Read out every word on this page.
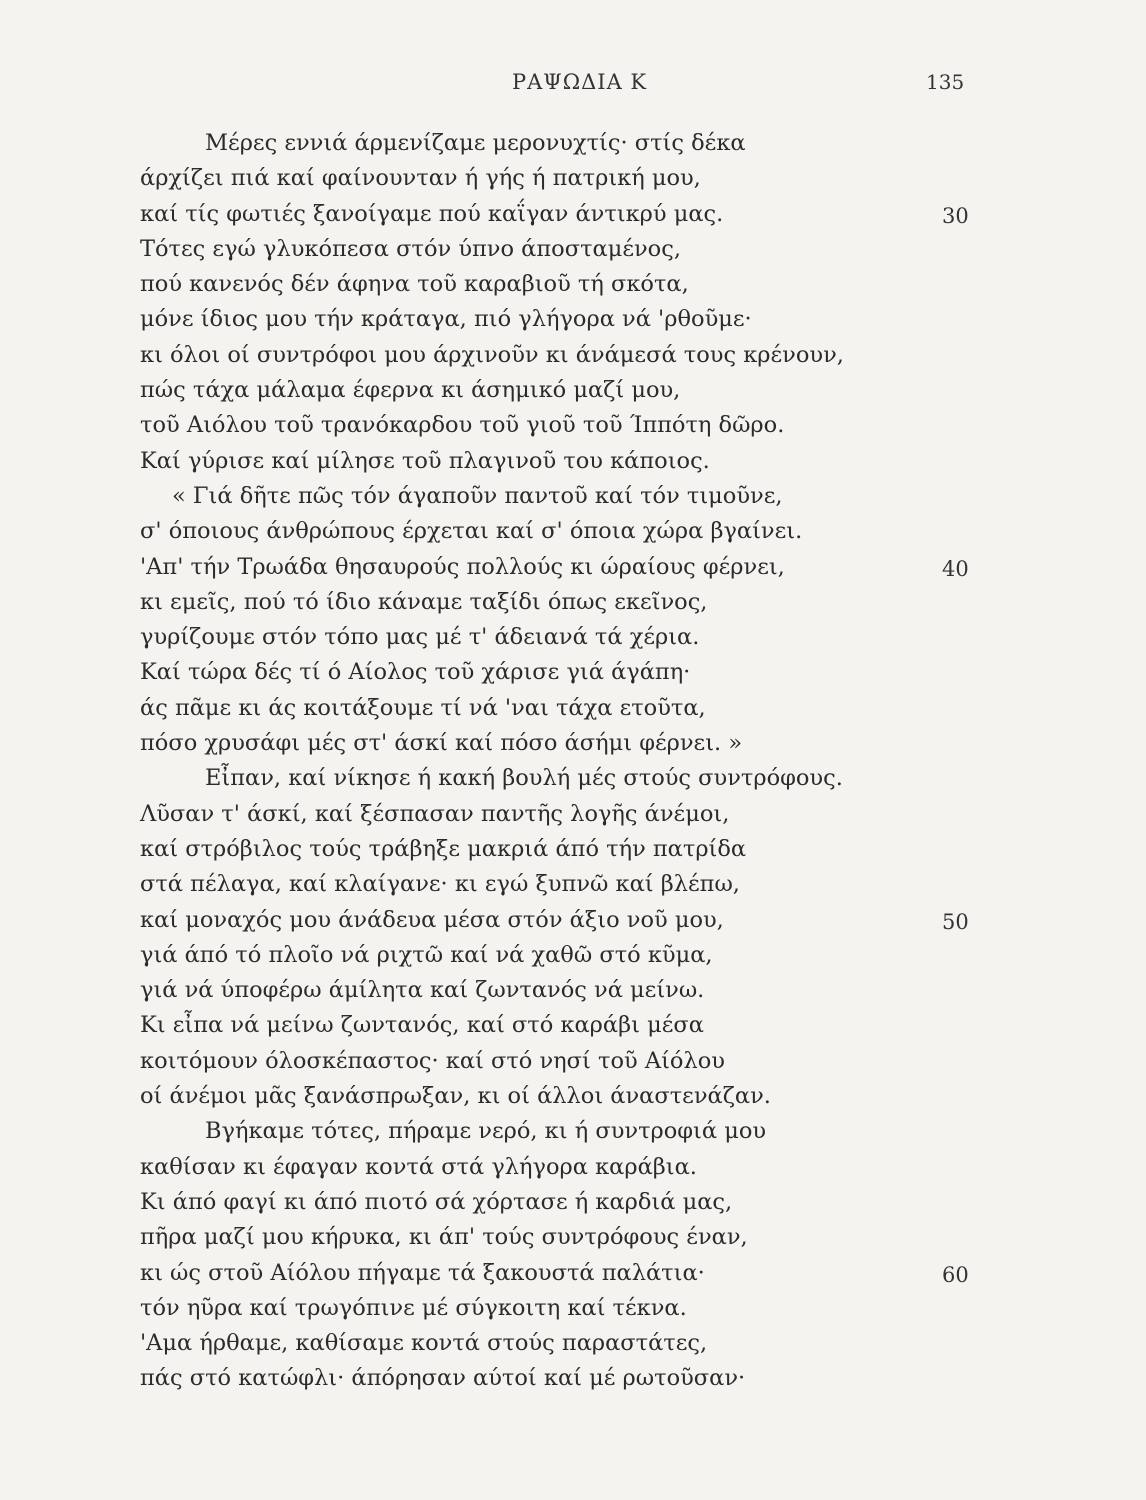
ΡΑΨΩΔΙΑ Κ	135
Μέρες εννιά άρμενίζαμε μερονυχτίς· στίς δέκα
άρχίζει πιά καί φαίνουνταν ή γής ή πατρική μου,
καί τίς φωτιές ξανοίγαμε πού καΐγαν άντικρύ μας.	30
Τότες εγώ γλυκόπεσα στόν ύπνο άποσταμένος,
πού κανενός δέν άφηνα τοῦ καραβιοῦ τή σκότα,
μόνε ίδιος μου τήν κράταγα, πιό γλήγορα νά 'ρθοῦμε·
κι όλοι οί συντρόφοι μου άρχινοῦν κι άνάμεσά τους κρένουν,
πώς τάχα μάλαμα έφερνα κι άσημικό μαζί μου,
τοῦ Αιόλου τοῦ τρανόκαρδου τοῦ γιοῦ τοῦ Ίππότη δῶρο.
Καί γύρισε καί μίλησε τοῦ πλαγινοῦ του κάποιος.
« Γιά δῆτε πῶς τόν άγαποῦν παντοῦ καί τόν τιμοῦνε,
σ' όποιους άνθρώπους έρχεται καί σ' όποια χώρα βγαίνει.
'Απ' τήν Τρωάδα θησαυρούς πολλούς κι ώραίους φέρνει,	40
κι εμεῖς, πού τό ίδιο κάναμε ταξίδι όπως εκεῖνος,
γυρίζουμε στόν τόπο μας μέ τ' άδειανά τά χέρια.
Καί τώρα δές τί ό Αίολος τοῦ χάρισε γιά άγάπη·
άς πᾶμε κι άς κοιτάξουμε τί νά 'ναι τάχα ετοῦτα,
πόσο χρυσάφι μές στ' άσκί καί πόσο άσήμι φέρνει. »
Εἶπαν, καί νίκησε ή κακή βουλή μές στούς συντρόφους.
Λῦσαν τ' άσκί, καί ξέσπασαν παντῆς λογῆς άνέμοι,
καί στρόβιλος τούς τράβηξε μακριά άπό τήν πατρίδα
στά πέλαγα, καί κλαίγανε· κι εγώ ξυπνῶ καί βλέπω,
καί μοναχός μου άνάδευα μέσα στόν άξιο νοῦ μου,	50
γιά άπό τό πλοῖο νά ριχτῶ καί νά χαθῶ στό κῦμα,
γιά νά ύποφέρω άμίλητα καί ζωντανός νά μείνω.
Κι εἶπα νά μείνω ζωντανός, καί στό καράβι μέσα
κοιτόμουν όλοσκέπαστος· καί στό νησί τοῦ Αίόλου
οί άνέμοι μᾶς ξανάσπρωξαν, κι οί άλλοι άναστενάζαν.
Βγήκαμε τότες, πήραμε νερό, κι ή συντροφιά μου
καθίσαν κι έφαγαν κοντά στά γλήγορα καράβια.
Κι άπό φαγί κι άπό πιοτό σά χόρτασε ή καρδιά μας,
πῆρα μαζί μου κήρυκα, κι άπ' τούς συντρόφους έναν,
κι ώς στοῦ Αίόλου πήγαμε τά ξακουστά παλάτια·	60
τόν ηῦρα καί τρωγόπινε μέ σύγκοιτη καί τέκνα.
'Αμα ήρθαμε, καθίσαμε κοντά στούς παραστάτες,
πάς στό κατώφλι· άπόρησαν αύτοί καί μέ ρωτοῦσαν·
